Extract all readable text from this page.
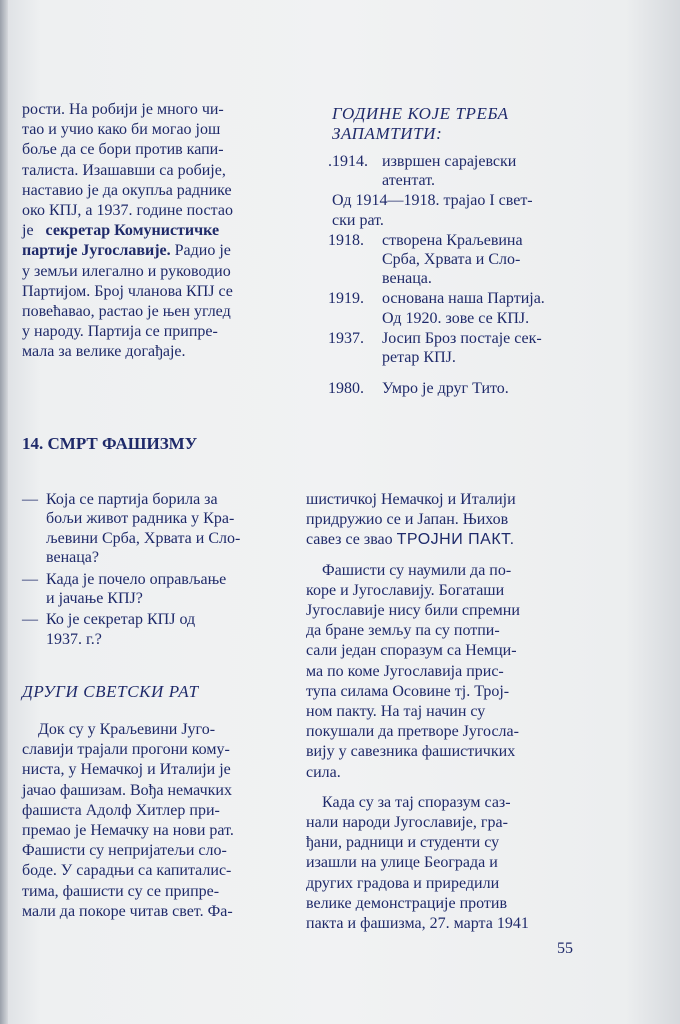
рости. На робији је много чи-

тао и учио како би могао још

боље да се бори против капи-

талиста. Изашавши са робије,

наставио је да окупља раднике

око КПЈ, а 1937. године постао

је секретар Комунистичке

партије Југославије. Радио је

у земљи илегално и руководио

Партијом. Број чланова КПЈ се

повећавао, растао је њен углед

у народу. Партија се припре-

мала за велике догађаје.

ГОДИНЕ КОЈЕ ТРЕБА
ЗАПАМТИТИ:
.1914. извршен сарајевски
атентат.
Од 1914—1918. трајао I свет-
ски рат.
1918.	створена Краљевина
Срба, Хрвата и Сло-
венаца.
1919.	основана наша Партија.
Од 1920. зове се КПЈ.
1937.	Јосип Броз постаје сек-
ретар КПЈ.
1980.	Умро је друг Тито.
14. СМРТ ФАШИЗМУ
— Која се партија борила за
бољи живот радника у Кра-
љевини Срба, Хрвата и Сло-
венаца?
— Када је почело оправљање
и јачање КПЈ?
— Ко је секретар КПЈ од
1937. г.?
ДРУГИ СВЕТСКИ РАТ

Док су у Краљевини Југо-

славији трајали прогони кому-

ниста, у Немачкој и Италији је

јачао фашизам. Вођа немачких

фашиста Адолф Хитлер при-

премао је Немачку на нови рат.

Фашисти су непријатељи сло-

боде. У сарадњи са капиталис-

тима, фашисти су се припре-

мали да покоре читав свет. Фа-

шистичкој Немачкој и Италији

придружио се и Јапан. Њихов

савез се звао ТРОЈНИ ПАКТ.

Фашисти су наумили да по-

коре и Југославију. Богаташи

Југославије нису били спремни

да бране земљу па су потпи-

сали један споразум са Немци-

ма по коме Југославија прис-

тупа силама Осовине тј. Трој-

ном пакту. На тај начин су

покушали да претворе Југосла-

вију у савезника фашистичких

сила.

Када су за тај споразум саз-

нали народи Југославије, гра-

ђани, радници и студенти су

изашли на улице Београда и

других градова и приредили

велике демонстрације против

пакта и фашизма, 27. марта 1941

55
